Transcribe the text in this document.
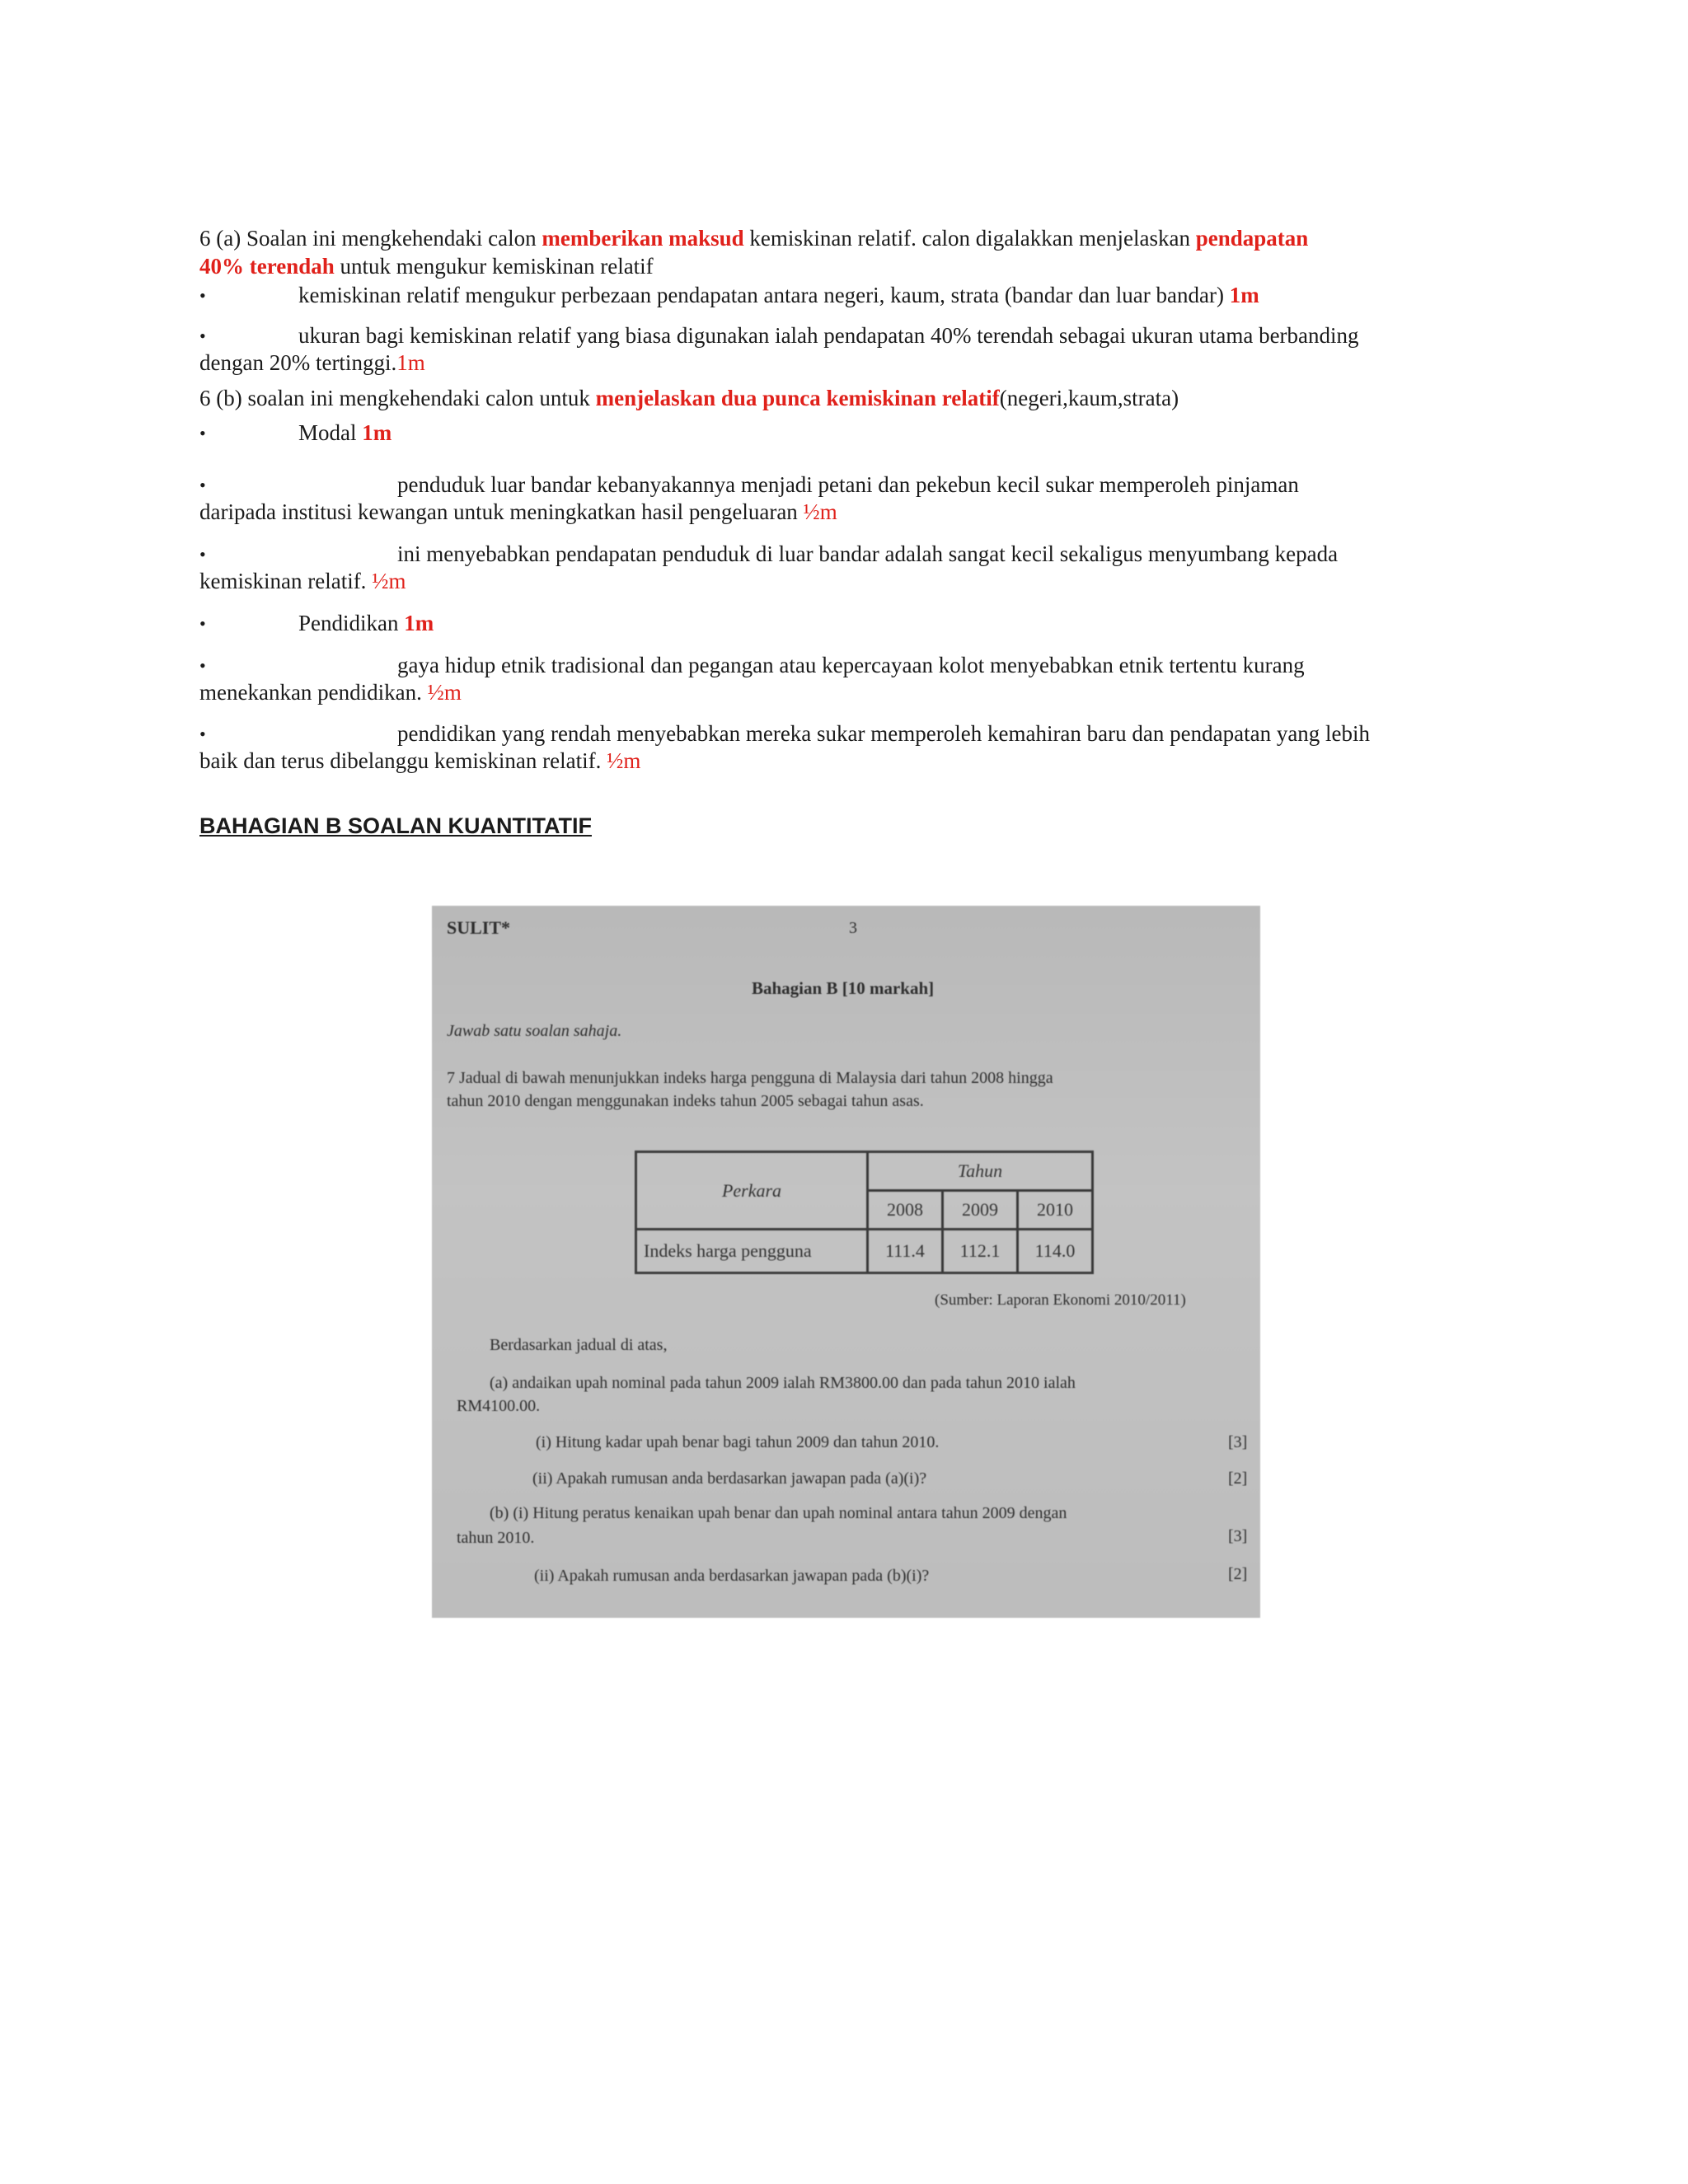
6 (a) Soalan ini mengkehendaki calon memberikan maksud kemiskinan relatif. calon digalakkan menjelaskan pendapatan
40% terendah untuk mengukur kemiskinan relatif
•	kemiskinan relatif mengukur perbezaan pendapatan antara negeri, kaum, strata (bandar dan luar bandar) 1m
•	ukuran bagi kemiskinan relatif yang biasa digunakan ialah pendapatan 40% terendah sebagai ukuran utama berbanding
dengan 20% tertinggi.1m
6 (b) soalan ini mengkehendaki calon untuk menjelaskan dua punca kemiskinan relatif(negeri,kaum,strata)
•	Modal 1m
•	penduduk luar bandar kebanyakannya menjadi petani dan pekebun kecil sukar memperoleh pinjaman
daripada institusi kewangan untuk meningkatkan hasil pengeluaran ½m
•	ini menyebabkan pendapatan penduduk di luar bandar adalah sangat kecil sekaligus menyumbang kepada
kemiskinan relatif. ½m
•	Pendidikan 1m
•	gaya hidup etnik tradisional dan pegangan atau kepercayaan kolot menyebabkan etnik tertentu kurang
menekankan pendidikan. ½m
•	pendidikan yang rendah menyebabkan mereka sukar memperoleh kemahiran baru dan pendapatan yang lebih
baik dan terus dibelanggu kemiskinan relatif. ½m
BAHAGIAN B SOALAN KUANTITATIF
SULIT*	3
Bahagian B [10 markah]
Jawab satu soalan sahaja.
7 Jadual di bawah menunjukkan indeks harga pengguna di Malaysia dari tahun 2008 hingga
tahun 2010 dengan menggunakan indeks tahun 2005 sebagai tahun asas.
Perkara	Tahun		
	2008	2009	2010
Indeks harga pengguna	111.4	112.1	114.0
(Sumber: Laporan Ekonomi 2010/2011)
Berdasarkan jadual di atas,
(a) andaikan upah nominal pada tahun 2009 ialah RM3800.00 dan pada tahun 2010 ialah
RM4100.00.
(i) Hitung kadar upah benar bagi tahun 2009 dan tahun 2010.	[3]
(ii) Apakah rumusan anda berdasarkan jawapan pada (a)(i)?	[2]
(b) (i) Hitung peratus kenaikan upah benar dan upah nominal antara tahun 2009 dengan
tahun 2010.	[3]
(ii) Apakah rumusan anda berdasarkan jawapan pada (b)(i)?	[2]
